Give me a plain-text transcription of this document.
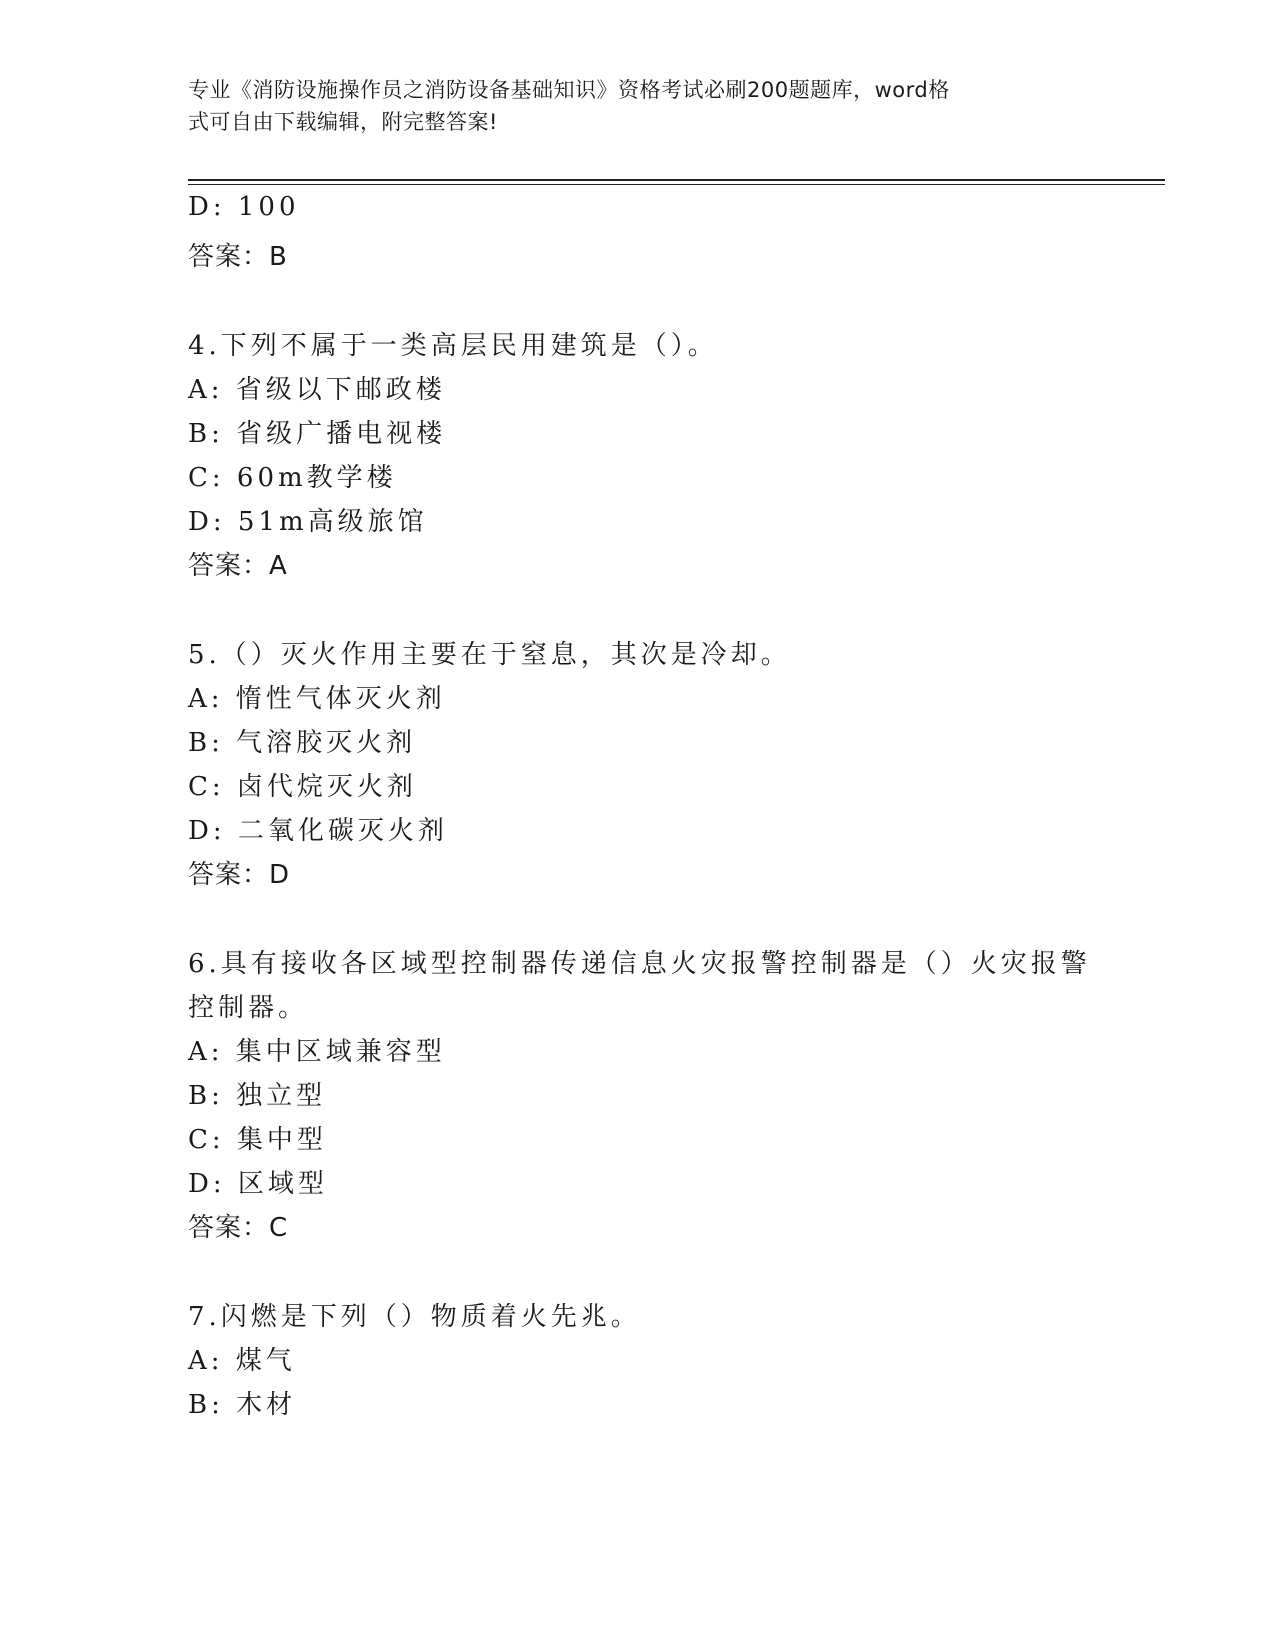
专业《消防设施操作员之消防设备基础知识》资格考试必刷200题题库，word格
式可自由下载编辑，附完整答案!
D: 100
答案：B
4.下列不属于一类高层民用建筑是（）。
A: 省级以下邮政楼
B: 省级广播电视楼
C: 60m教学楼
D: 51m高级旅馆
答案：A
5.（）灭火作用主要在于窒息，其次是冷却。
A: 惰性气体灭火剂
B: 气溶胶灭火剂
C: 卤代烷灭火剂
D: 二氧化碳灭火剂
答案：D
6.具有接收各区域型控制器传递信息火灾报警控制器是（）火灾报警
控制器。
A: 集中区域兼容型
B: 独立型
C: 集中型
D: 区域型
答案：C
7.闪燃是下列（）物质着火先兆。
A: 煤气
B: 木材
